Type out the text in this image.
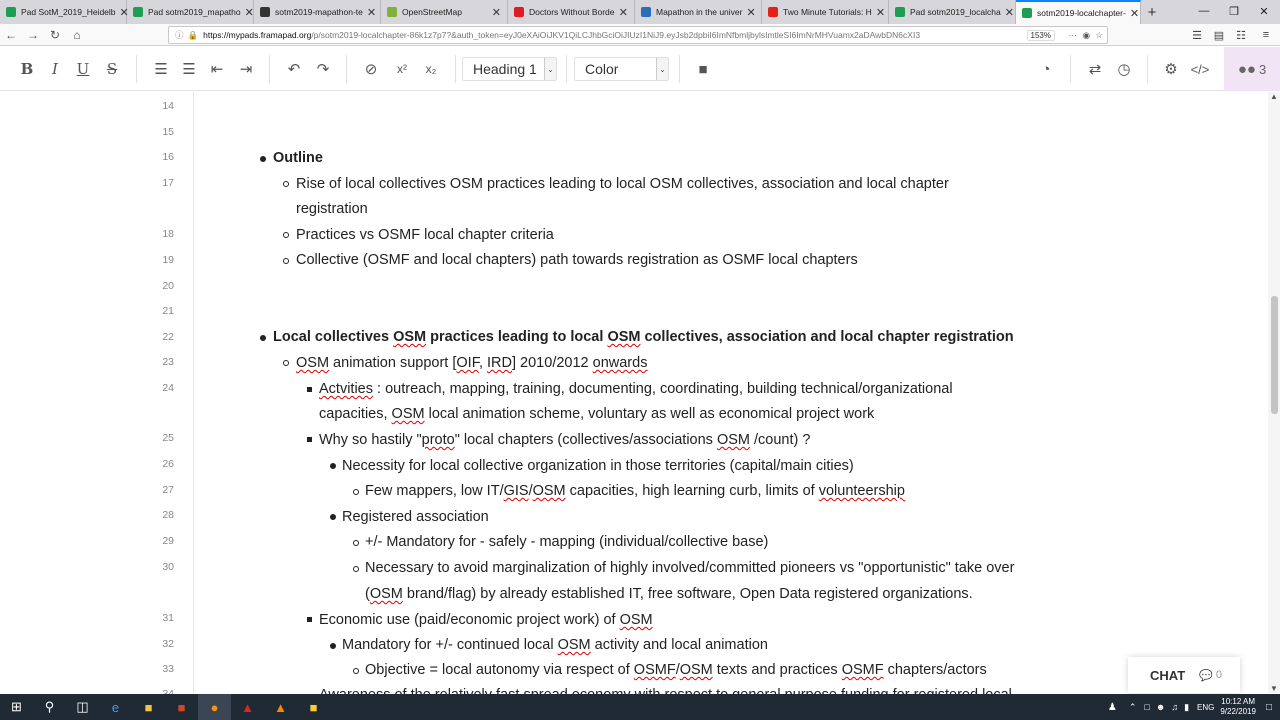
Pad SotM_2019_Heidelb ✕ Pad sotm2019_mapatho ✕ sotm2019-mapathon-te ✕	OpenStreetMap	✕	Doctors Without Borde ✕	Mapathon in the univer ✕	Two Minute Tutorials: H ✕	Pad sotm2019_localcha ✕	sotm2019-localchapter- ✕ +	—	❐	✕
← → ↻	⌂	ⓘ 🔒 https://mypads.framapad.org /p/sotm2019-localchapter-86k1z7p7?&auth_token=eyJ0eXAiOiJKV1QiLCJhbGciOiJIUzI1NiJ9.eyJsb2dpbiI6ImNfbmljbylsImtleSI6ImNrMHVuamx2aDAwbDN6cXI3	153%	··· ◉ ☆	☰	▤	☷	≡
B	I	U S ☰ ☰ ⇤ ⇥ ↶ ↷ ⊘	x²	x₂	Heading 1	⌄ Color	⌄	■	◔	⇄ ◷ ⚙ </> ●● 3
14
15
16
17
18
19
20
21
22
23
24
25
26
27
28
29
30
31
32
33
Outline
Rise of local collectives OSM practices leading to local OSM collectives, association and local chapter
registration
Practices vs OSMF local chapter criteria
Collective (OSMF and local chapters) path towards registration as OSMF local chapters
Local collectives OSM practices leading to local OSM collectives, association and local chapter registration
OSM animation support [OIF, IRD] 2010/2012 onwards
Actvities : outreach, mapping, training, documenting, coordinating, building technical/organizational
capacities, OSM local animation scheme, voluntary as well as economical project work
Why so hastily "proto" local chapters (collectives/associations OSM /count) ?
Necessity for local collective organization in those territories (capital/main cities)
Few mappers, low IT/GIS/OSM capacities, high learning curb, limits of volunteership
Registered association
+/- Mandatory for - safely - mapping (individual/collective base)
Necessary to avoid marginalization of highly involved/committed pioneers vs "opportunistic" take over
(OSM brand/flag) by already established IT, free software, Open Data registered organizations.
Economic use (paid/economic project work) of OSM
Mandatory for +/- continued local OSM activity and local animation
Objective = local autonomy via respect of OSMF/OSM texts and practices OSMF chapters/actors
▲
▼
CHAT 💬 0
⊞	⚲	◫	e	■	■	●	▲	▲	■	♟ ⌃ □ ☻ ♫ ▮ ENG
10:12 AM
9/22/2019 □
